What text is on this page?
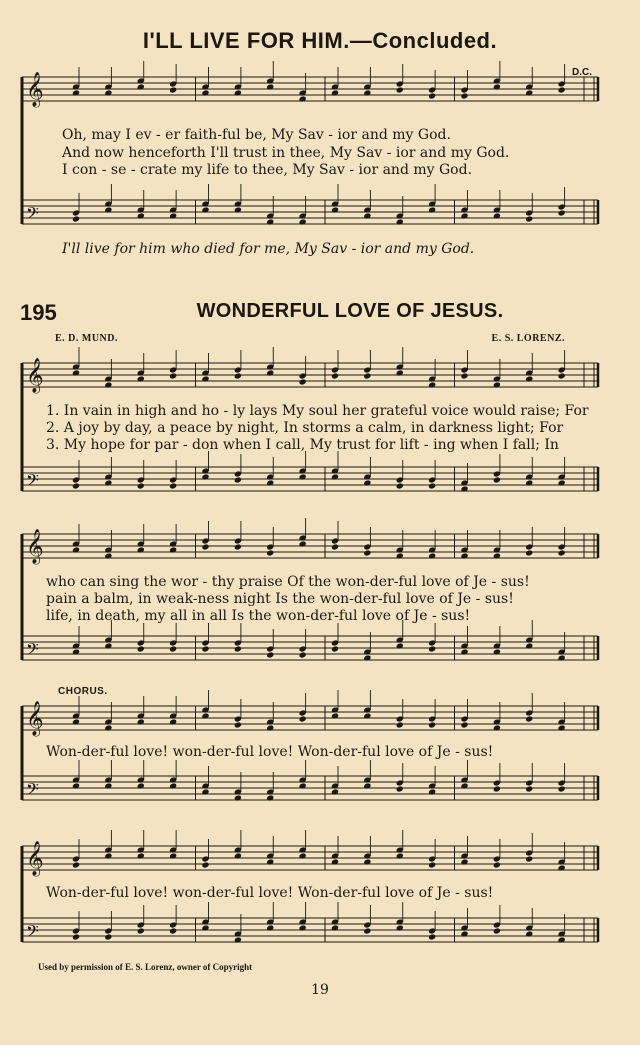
𝄞
𝄢
𝄞
𝄢
𝄞
𝄢
𝄞
𝄢
𝄞
𝄢
I'LL LIVE FOR HIM.—Concluded.
D.C.
Oh, may I ev - er faith-ful be, My Sav - ior and my God.
And now henceforth I'll trust in thee, My Sav - ior and my God.
I con - se - crate my life to thee, My Sav - ior and my God.
I'll live for him who died for me, My Sav - ior and my God.
195	WONDERFUL LOVE OF JESUS.
E. D. MUND.	E. S. LORENZ.
1. In vain in high and ho - ly lays My soul her grateful voice would raise; For
2. A joy by day, a peace by night, In storms a calm, in darkness light; For
3. My hope for par - don when I call, My trust for lift - ing when I fall; In
who can sing the wor - thy praise Of the won-der-ful love of Je - sus!
pain a balm, in weak-ness night Is the won-der-ful love of Je - sus!
life, in death, my all in all Is the won-der-ful love of Je - sus!
CHORUS.
Won-der-ful love! won-der-ful love! Won-der-ful love of Je - sus!
Won-der-ful love! won-der-ful love! Won-der-ful love of Je - sus!
Used by permission of E. S. Lorenz, owner of Copyright
19
